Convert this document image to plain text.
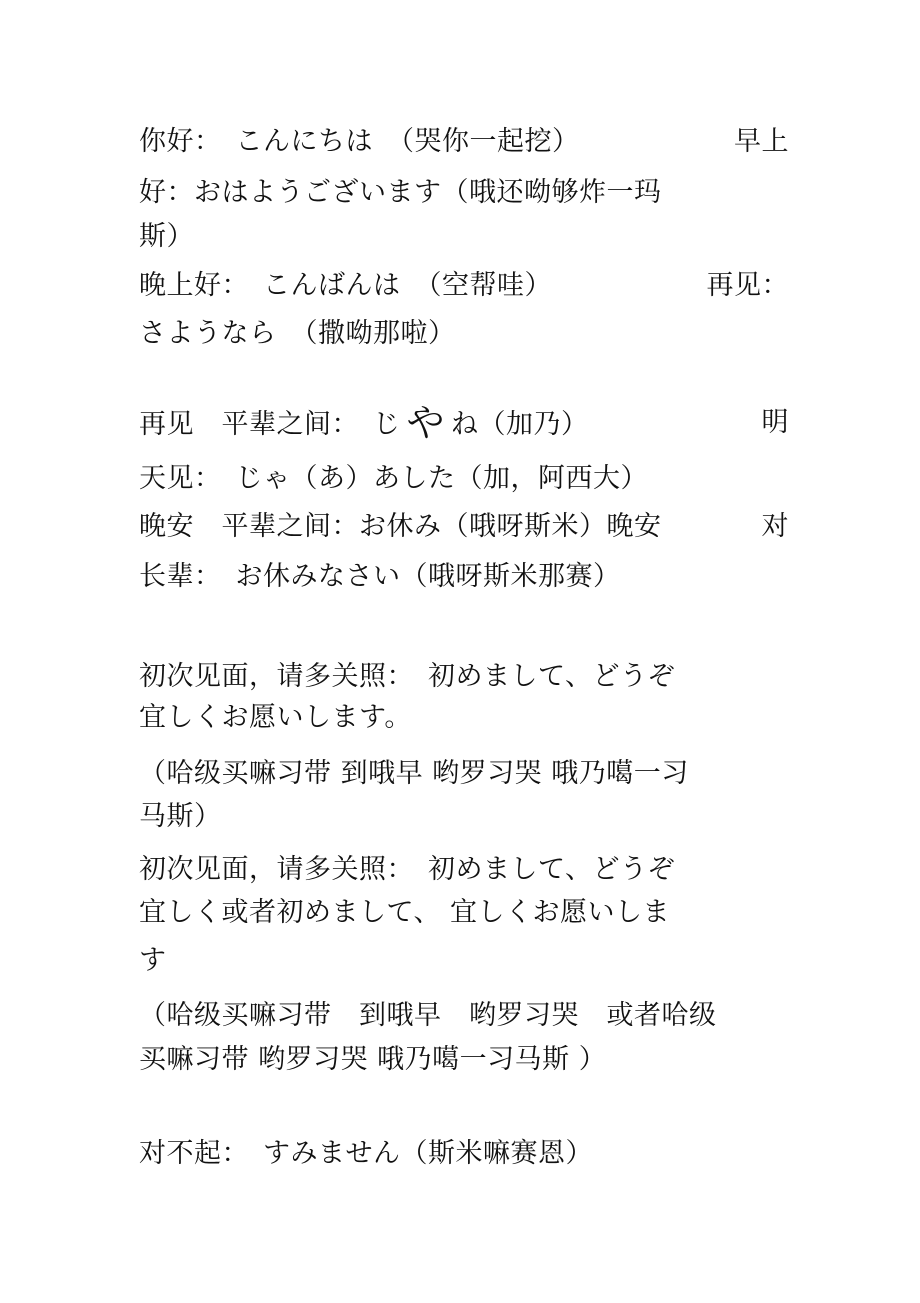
你好：　こんにちは　（哭你一起挖）	早上
好：おはようございます（哦还呦够炸一玛
斯）
晚上好：　こんばんは　（空帮哇）	再见：
さようなら　（撒呦那啦）
再见　平辈之间：　じ や ね（加乃）	明
天见：　じゃ（あ）あした（加，阿西大）
晚安　平辈之间：お休み（哦呀斯米）晚安	对
长辈：　お休みなさい（哦呀斯米那赛）
初次见面，请多关照：　初めまして、どうぞ
宜しくお愿いします。
（哈级买嘛习带 到哦早 哟罗习哭 哦乃噶一习
马斯）
初次见面，请多关照：　初めまして、どうぞ
宜しく或者初めまして、 宜しくお愿いしま
す
（哈级买嘛习带　到哦早　哟罗习哭　或者哈级
买嘛习带 哟罗习哭 哦乃噶一习马斯 ）
对不起：　すみません（斯米嘛赛恩）
